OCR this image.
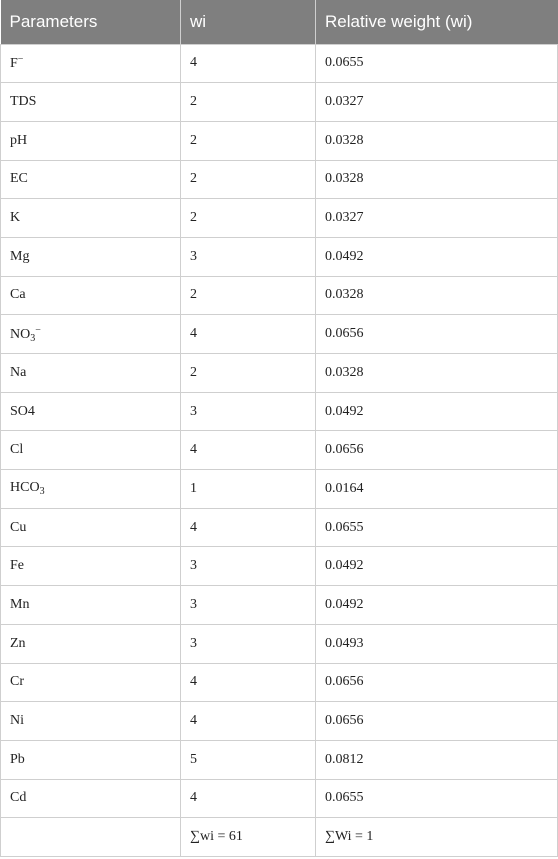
Parameters	wi	Relative weight (wi)
F−	4	0.0655
TDS	2	0.0327
pH	2	0.0328
EC	2	0.0328
K	2	0.0327
Mg	3	0.0492
Ca	2	0.0328
$NO_3^-$	4	0.0656
Na	2	0.0328
SO4	3	0.0492
Cl	4	0.0656
$HCO_3$	1	0.0164
Cu	4	0.0655
Fe	3	0.0492
Mn	3	0.0492
Zn	3	0.0493
Cr	4	0.0656
Ni	4	0.0656
Pb	5	0.0812
Cd	4	0.0655
	∑wi = 61	∑Wi = 1
